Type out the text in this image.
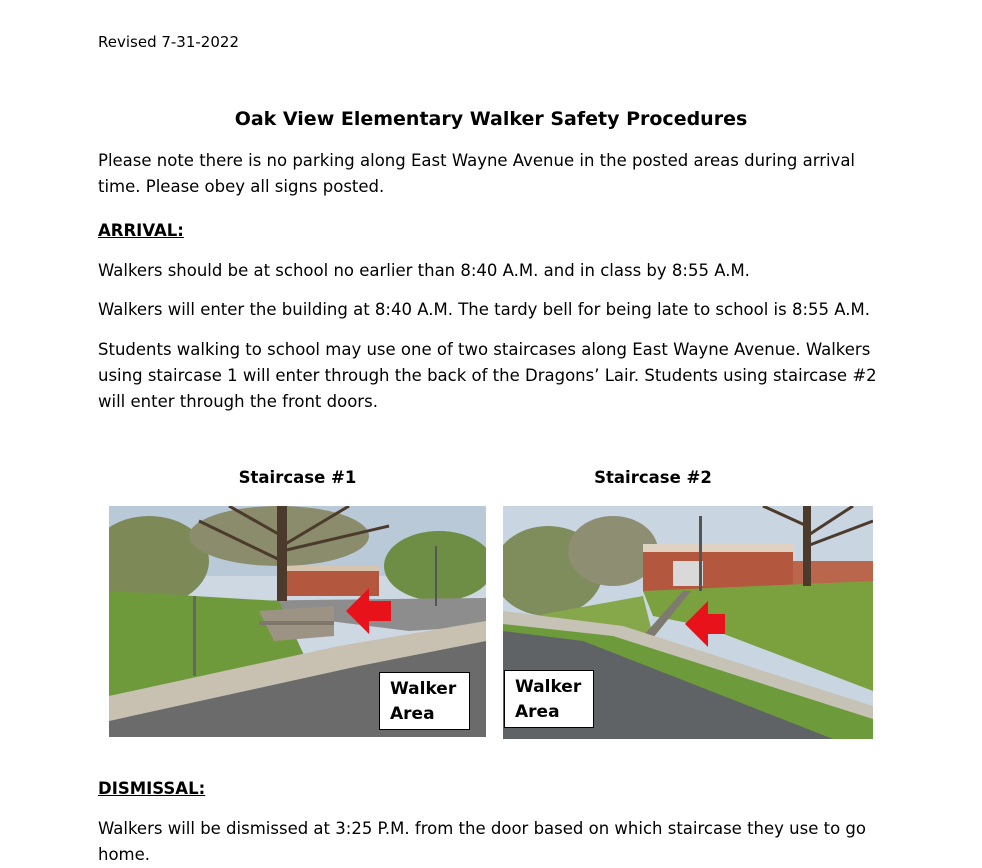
Revised 7-31-2022
Oak View Elementary Walker Safety Procedures

Please note there is no parking along East Wayne Avenue in the posted areas during arrival time. Please obey all signs posted.

ARRIVAL:

Walkers should be at school no earlier than 8:40 A.M. and in class by 8:55 A.M.

Walkers will enter the building at 8:40 A.M. The tardy bell for being late to school is 8:55 A.M.

Students walking to school may use one of two staircases along East Wayne Avenue. Walkers using staircase 1 will enter through the back of the Dragons’ Lair. Students using staircase #2 will enter through the front doors.

Staircase #1
Walker
Area
Staircase #2
Walker
Area
DISMISSAL:

Walkers will be dismissed at 3:25 P.M. from the door based on which staircase they use to go home.
